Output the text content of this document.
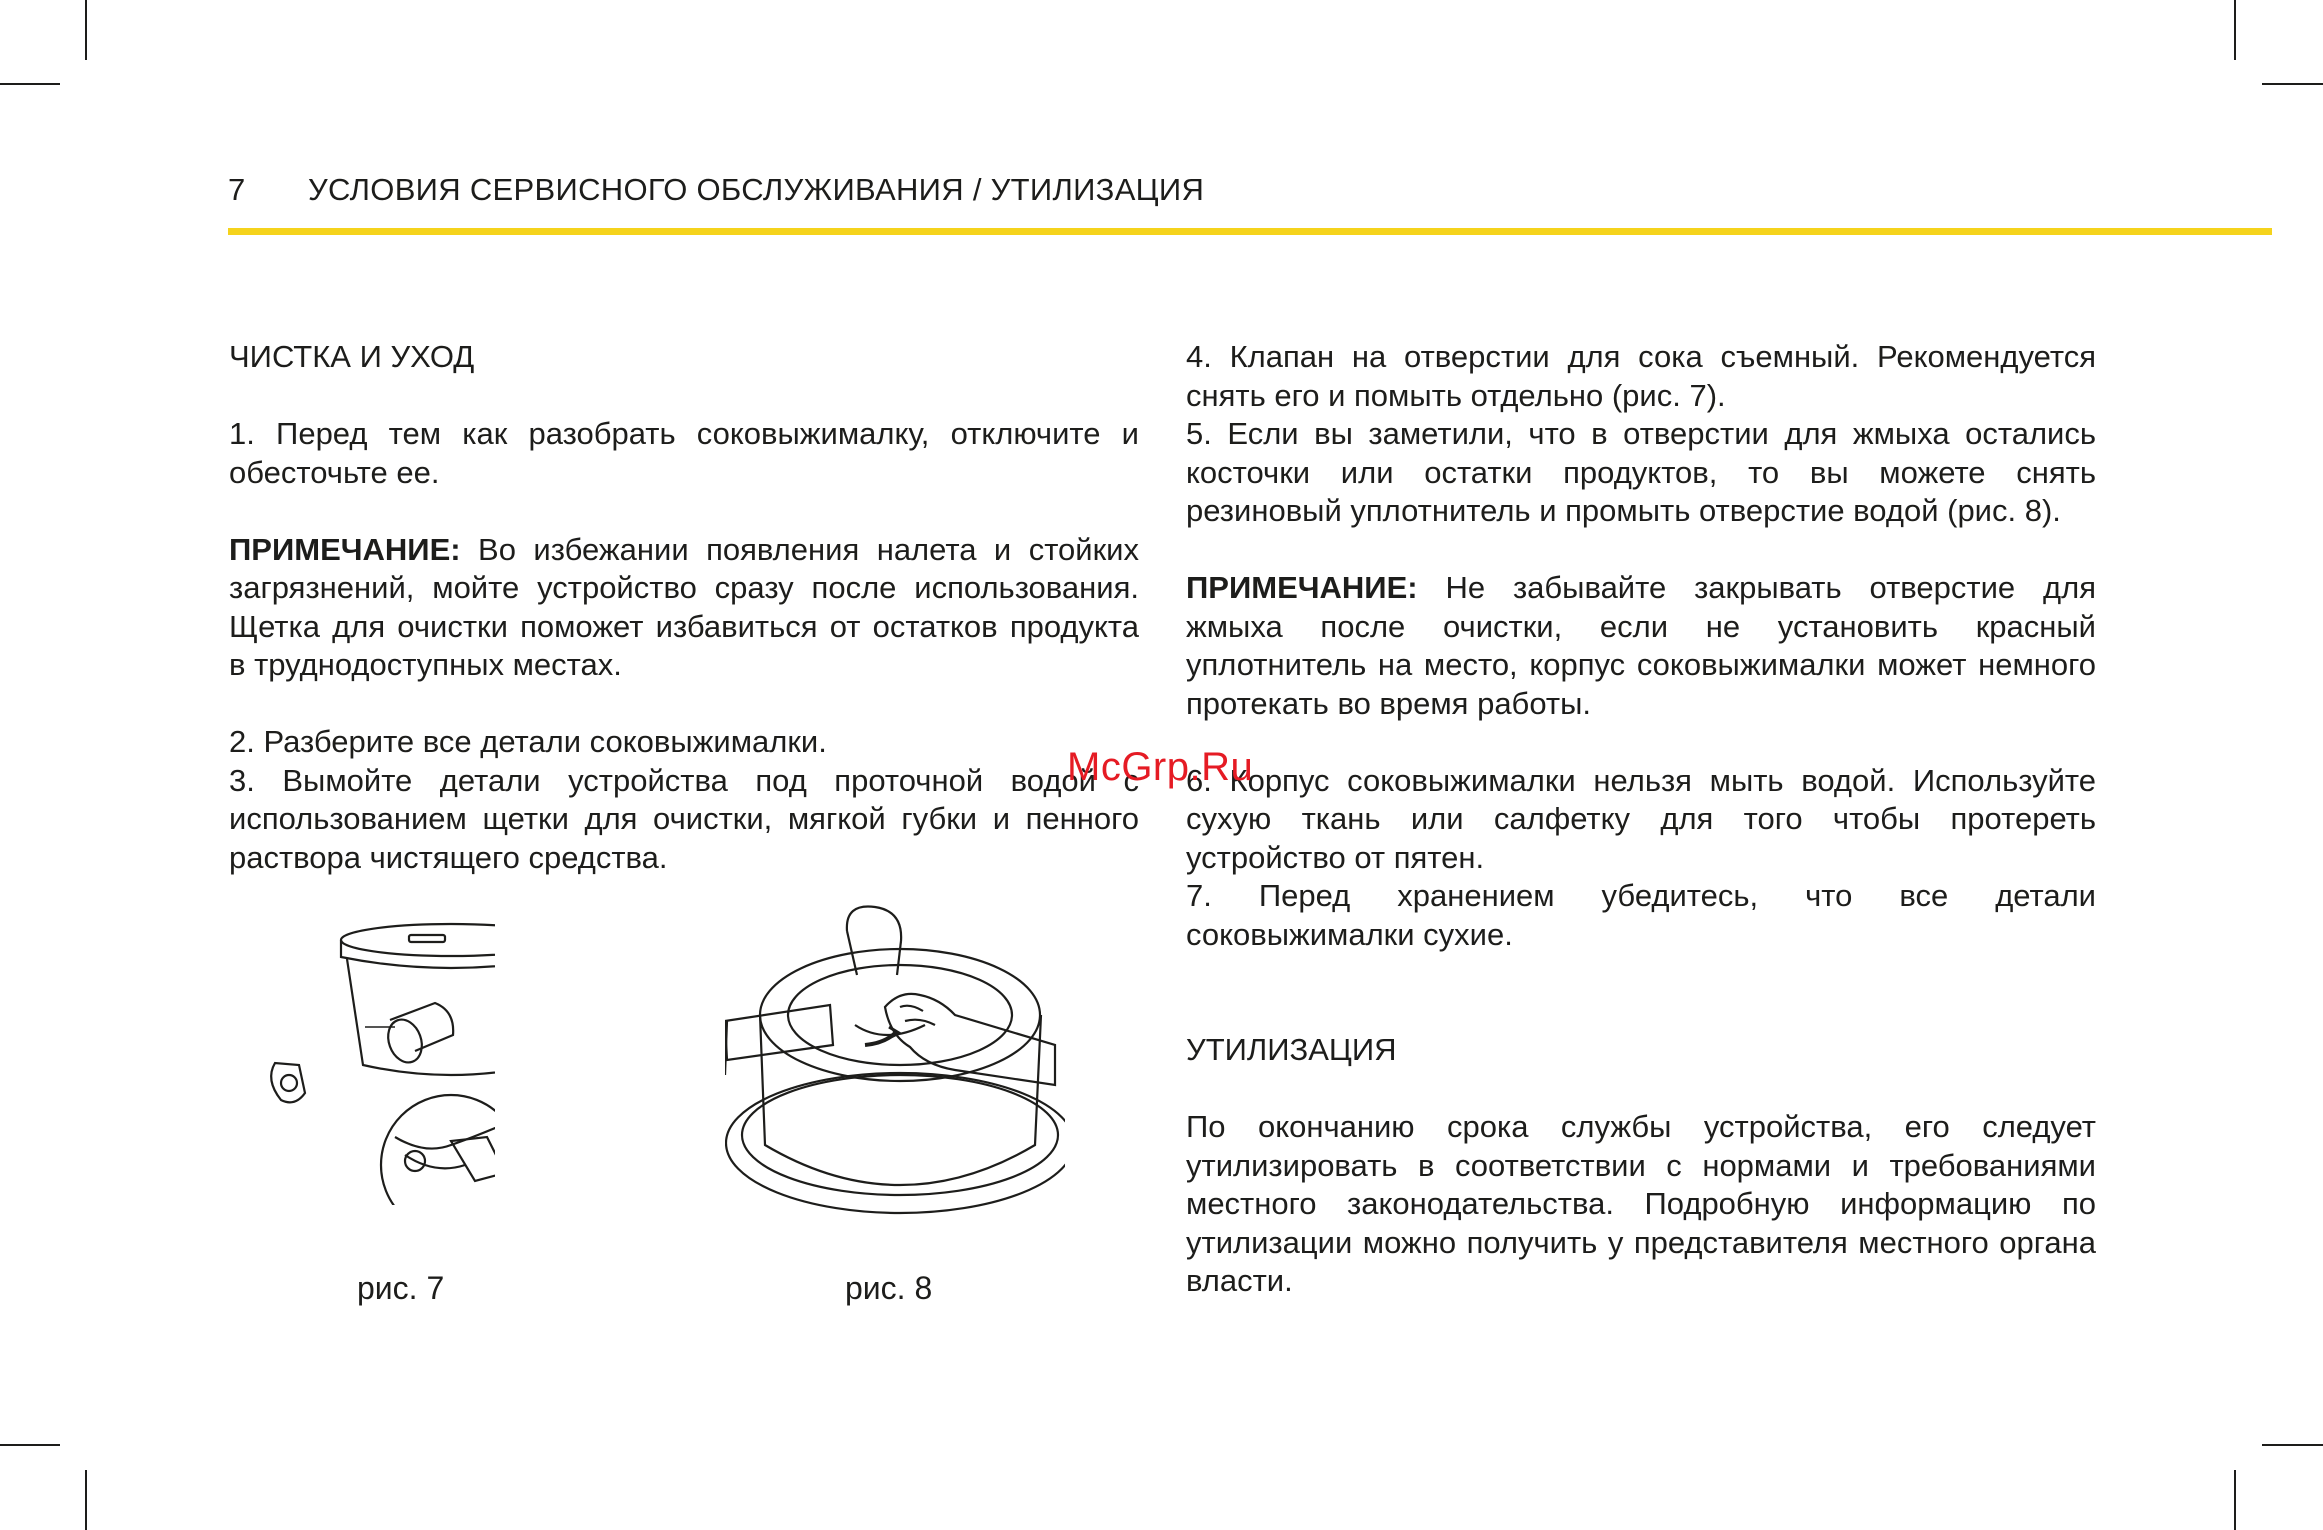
7 УСЛОВИЯ СЕРВИСНОГО ОБСЛУЖИВАНИЯ / УТИЛИЗАЦИЯ

ЧИСТКА И УХОД

1. Перед тем как разобрать соковыжималку, отключите и обесточьте ее.

ПРИМЕЧАНИЕ: Во избежании появления налета и стойких загрязнений, мойте устройство сразу после использования. Щетка для очистки поможет избавиться от остатков продукта в труднодоступных местах.

2. Разберите все детали соковыжималки.

3. Вымойте детали устройства под проточной водой с использованием щетки для очистки, мягкой губки и пенного раствора чистящего средства.

рис. 7	рис. 8

4. Клапан на отверстии для сока съемный. Рекомендуется снять его и помыть отдельно (рис. 7).

5. Если вы заметили, что в отверстии для жмыха остались косточки или остатки продуктов, то вы можете снять резиновый уплотнитель и промыть отверстие водой (рис. 8).

ПРИМЕЧАНИЕ: Не забывайте закрывать отверстие для жмыха после очистки, если не установить красный уплотнитель на место, корпус соковыжималки может немного протекать во время работы.

6. Корпус соковыжималки нельзя мыть водой. Используйте сухую ткань или салфетку для того чтобы протереть устройство от пятен.

7. Перед хранением убедитесь, что все детали соковыжималки сухие.

УТИЛИЗАЦИЯ

По окончанию срока службы устройства, его следует утилизировать в соответствии с нормами и требованиями местного законодательства. Подробную информацию по утилизации можно получить у представителя местного органа власти.

McGrp.Ru
